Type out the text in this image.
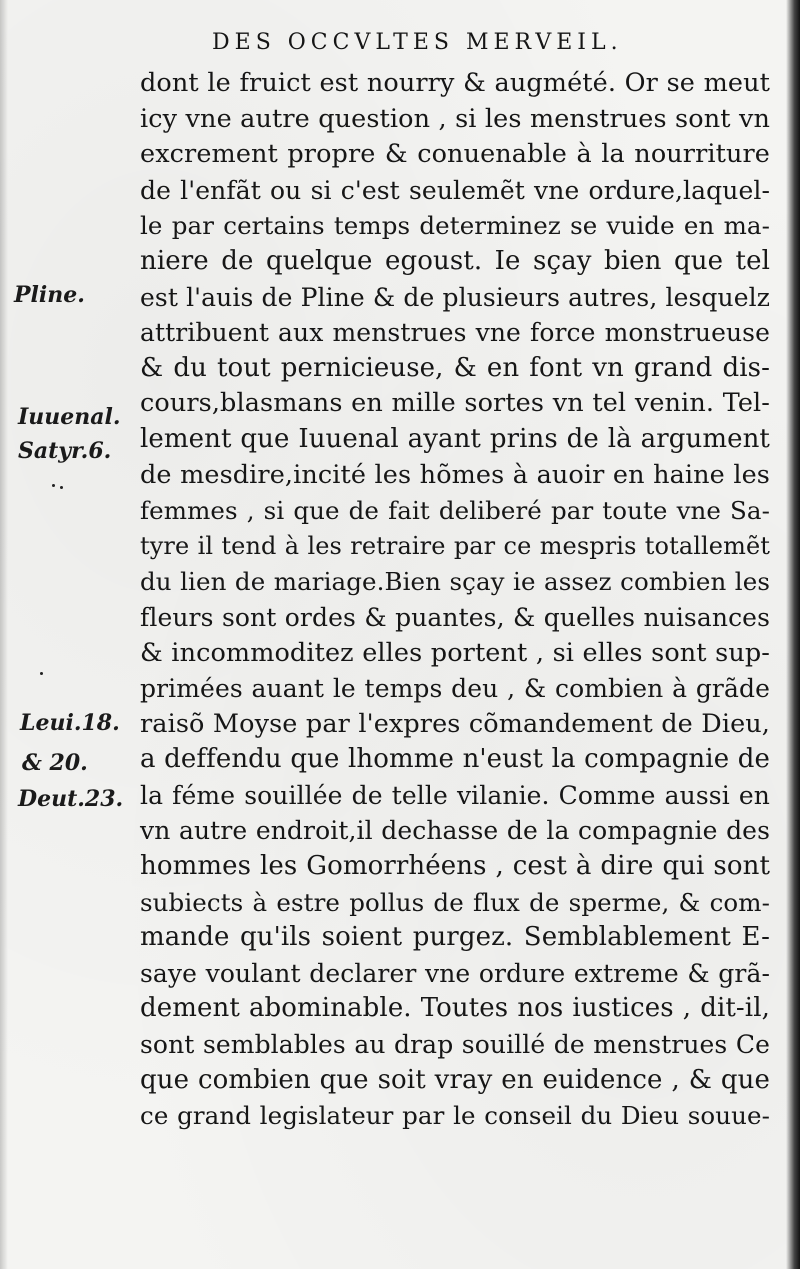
DES OCCVLTES MERVEIL.
dont le fruict est nourry & augmété. Or se meut
icy vne autre question , si les menstrues sont vn
excrement propre & conuenable à la nourriture
de l'enfãt ou si c'est seulemẽt vne ordure,laquel-
le par certains temps determinez se vuide en ma-
niere de quelque egoust. Ie sçay bien que tel
est l'auis de Pline & de plusieurs autres, lesquelz
attribuent aux menstrues vne force monstrueuse
& du tout pernicieuse, & en font vn grand dis-
cours,blasmans en mille sortes vn tel venin. Tel-
lement que Iuuenal ayant prins de là argument
de mesdire,incité les hõmes à auoir en haine les
femmes , si que de fait deliberé par toute vne Sa-
tyre il tend à les retraire par ce mespris totallemẽt
du lien de mariage.Bien sçay ie assez combien les
fleurs sont ordes & puantes, & quelles nuisances
& incommoditez elles portent , si elles sont sup-
primées auant le temps deu , & combien à grãde
raisõ Moyse par l'expres cõmandement de Dieu,
a deffendu que lhomme n'eust la compagnie de
la féme souillée de telle vilanie. Comme aussi en
vn autre endroit,il dechasse de la compagnie des
hommes les Gomorrhéens , cest à dire qui sont
subiects à estre pollus de flux de sperme, & com-
mande qu'ils soient purgez. Semblablement E-
saye voulant declarer vne ordure extreme & grã-
dement abominable. Toutes nos iustices , dit-il,
sont semblables au drap souillé de menstrues Ce
que combien que soit vray en euidence , & que
ce grand legislateur par le conseil du Dieu souue-
Pline.
Iuuenal.
Satyr.6.
Leui.18.
& 20.
Deut.23.
